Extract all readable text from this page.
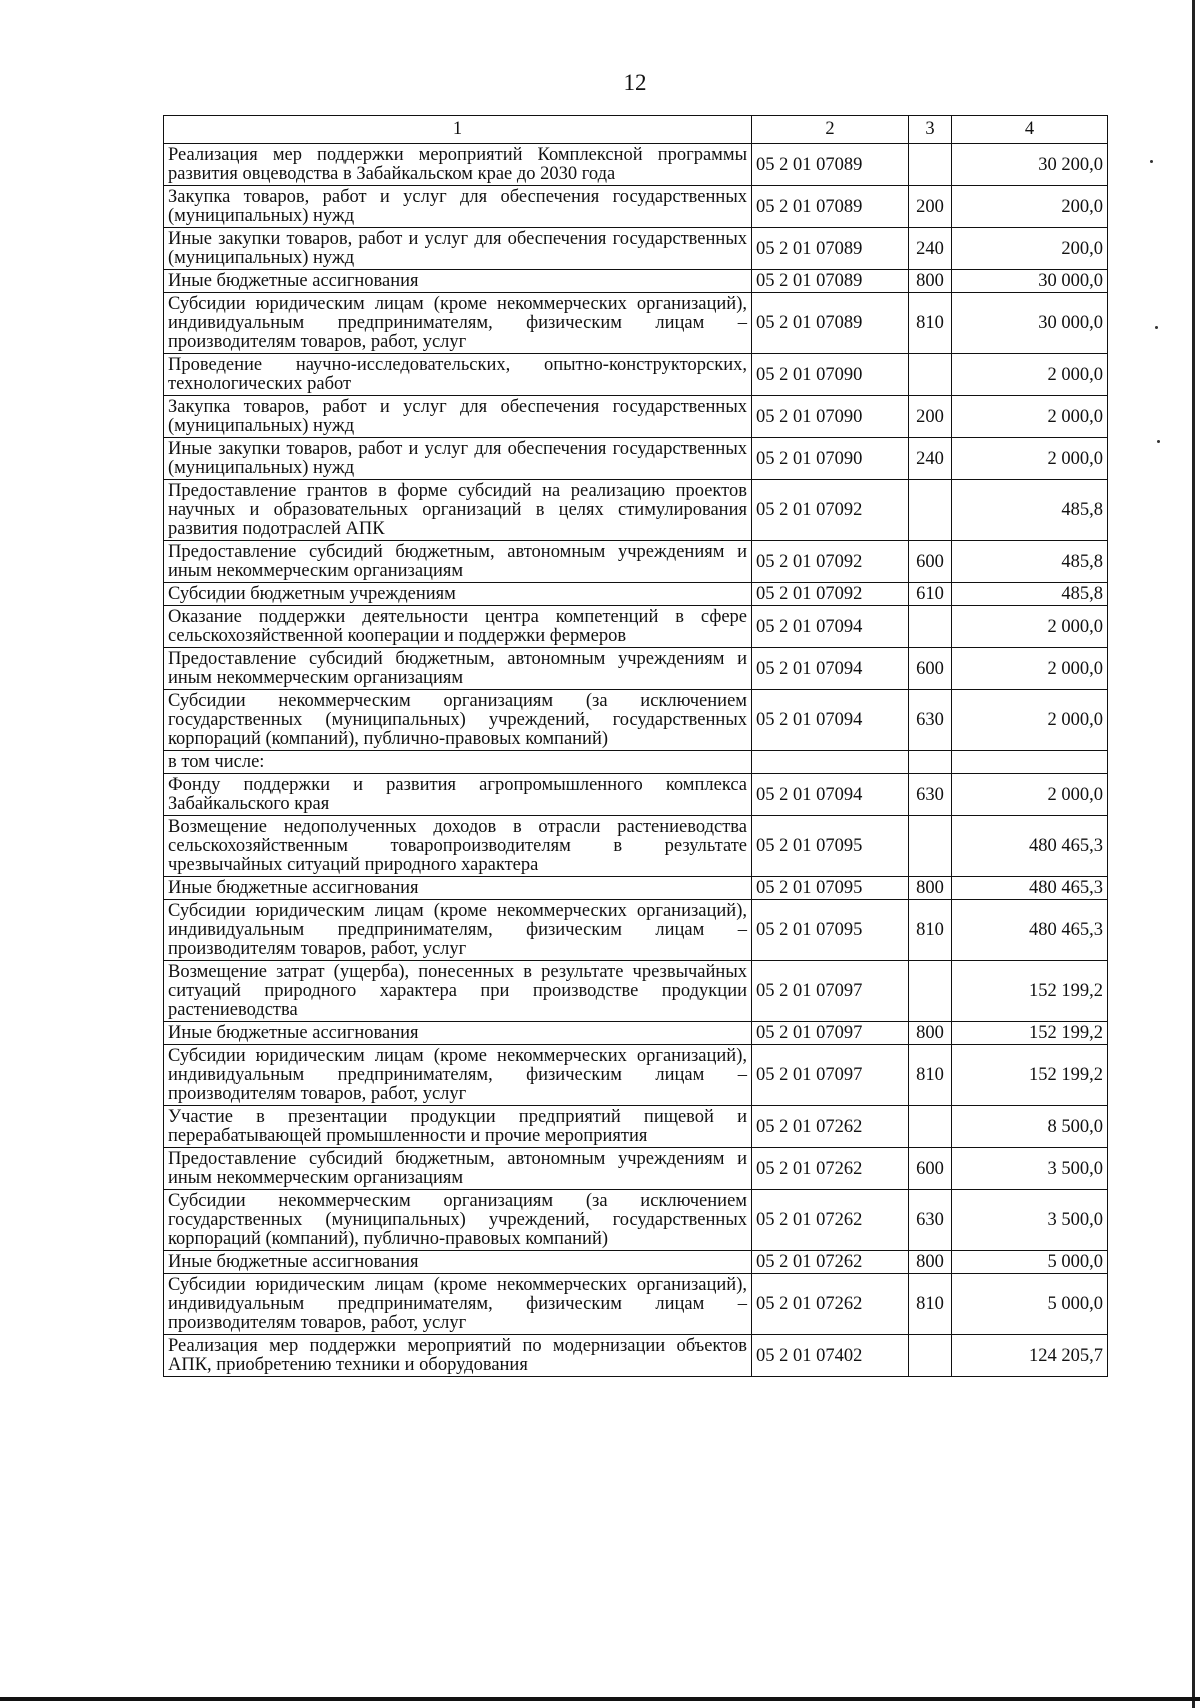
12
1	2	3	4
Реализация мер поддержки мероприятий Комплексной программы развития овцеводства в Забайкальском крае до 2030 года	05 2 01 07089		30 200,0
Закупка товаров, работ и услуг для обеспечения государственных (муниципальных) нужд	05 2 01 07089	200	200,0
Иные закупки товаров, работ и услуг для обеспечения государственных (муниципальных) нужд	05 2 01 07089	240	200,0
Иные бюджетные ассигнования	05 2 01 07089	800	30 000,0
Субсидии юридическим лицам (кроме некоммерческих организаций), индивидуальным предпринимателям, физическим лицам – производителям товаров, работ, услуг	05 2 01 07089	810	30 000,0
Проведение научно-исследовательских, опытно-конструкторских, технологических работ	05 2 01 07090		2 000,0
Закупка товаров, работ и услуг для обеспечения государственных (муниципальных) нужд	05 2 01 07090	200	2 000,0
Иные закупки товаров, работ и услуг для обеспечения государственных (муниципальных) нужд	05 2 01 07090	240	2 000,0
Предоставление грантов в форме субсидий на реализацию проектов научных и образовательных организаций в целях стимулирования развития подотраслей АПК	05 2 01 07092		485,8
Предоставление субсидий бюджетным, автономным учреждениям и иным некоммерческим организациям	05 2 01 07092	600	485,8
Субсидии бюджетным учреждениям	05 2 01 07092	610	485,8
Оказание поддержки деятельности центра компетенций в сфере сельскохозяйственной кооперации и поддержки фермеров	05 2 01 07094		2 000,0
Предоставление субсидий бюджетным, автономным учреждениям и иным некоммерческим организациям	05 2 01 07094	600	2 000,0
Субсидии некоммерческим организациям (за исключением государственных (муниципальных) учреждений, государственных корпораций (компаний), публично-правовых компаний)	05 2 01 07094	630	2 000,0
в том числе:			
Фонду поддержки и развития агропромышленного комплекса Забайкальского края	05 2 01 07094	630	2 000,0
Возмещение недополученных доходов в отрасли растениеводства сельскохозяйственным товаропроизводителям в результате чрезвычайных ситуаций природного характера	05 2 01 07095		480 465,3
Иные бюджетные ассигнования	05 2 01 07095	800	480 465,3
Субсидии юридическим лицам (кроме некоммерческих организаций), индивидуальным предпринимателям, физическим лицам – производителям товаров, работ, услуг	05 2 01 07095	810	480 465,3
Возмещение затрат (ущерба), понесенных в результате чрезвычайных ситуаций природного характера при производстве продукции растениеводства	05 2 01 07097		152 199,2
Иные бюджетные ассигнования	05 2 01 07097	800	152 199,2
Субсидии юридическим лицам (кроме некоммерческих организаций), индивидуальным предпринимателям, физическим лицам – производителям товаров, работ, услуг	05 2 01 07097	810	152 199,2
Участие в презентации продукции предприятий пищевой и перерабатывающей промышленности и прочие мероприятия	05 2 01 07262		8 500,0
Предоставление субсидий бюджетным, автономным учреждениям и иным некоммерческим организациям	05 2 01 07262	600	3 500,0
Субсидии некоммерческим организациям (за исключением государственных (муниципальных) учреждений, государственных корпораций (компаний), публично-правовых компаний)	05 2 01 07262	630	3 500,0
Иные бюджетные ассигнования	05 2 01 07262	800	5 000,0
Субсидии юридическим лицам (кроме некоммерческих организаций), индивидуальным предпринимателям, физическим лицам – производителям товаров, работ, услуг	05 2 01 07262	810	5 000,0
Реализация мер поддержки мероприятий по модернизации объектов АПК, приобретению техники и оборудования	05 2 01 07402		124 205,7
